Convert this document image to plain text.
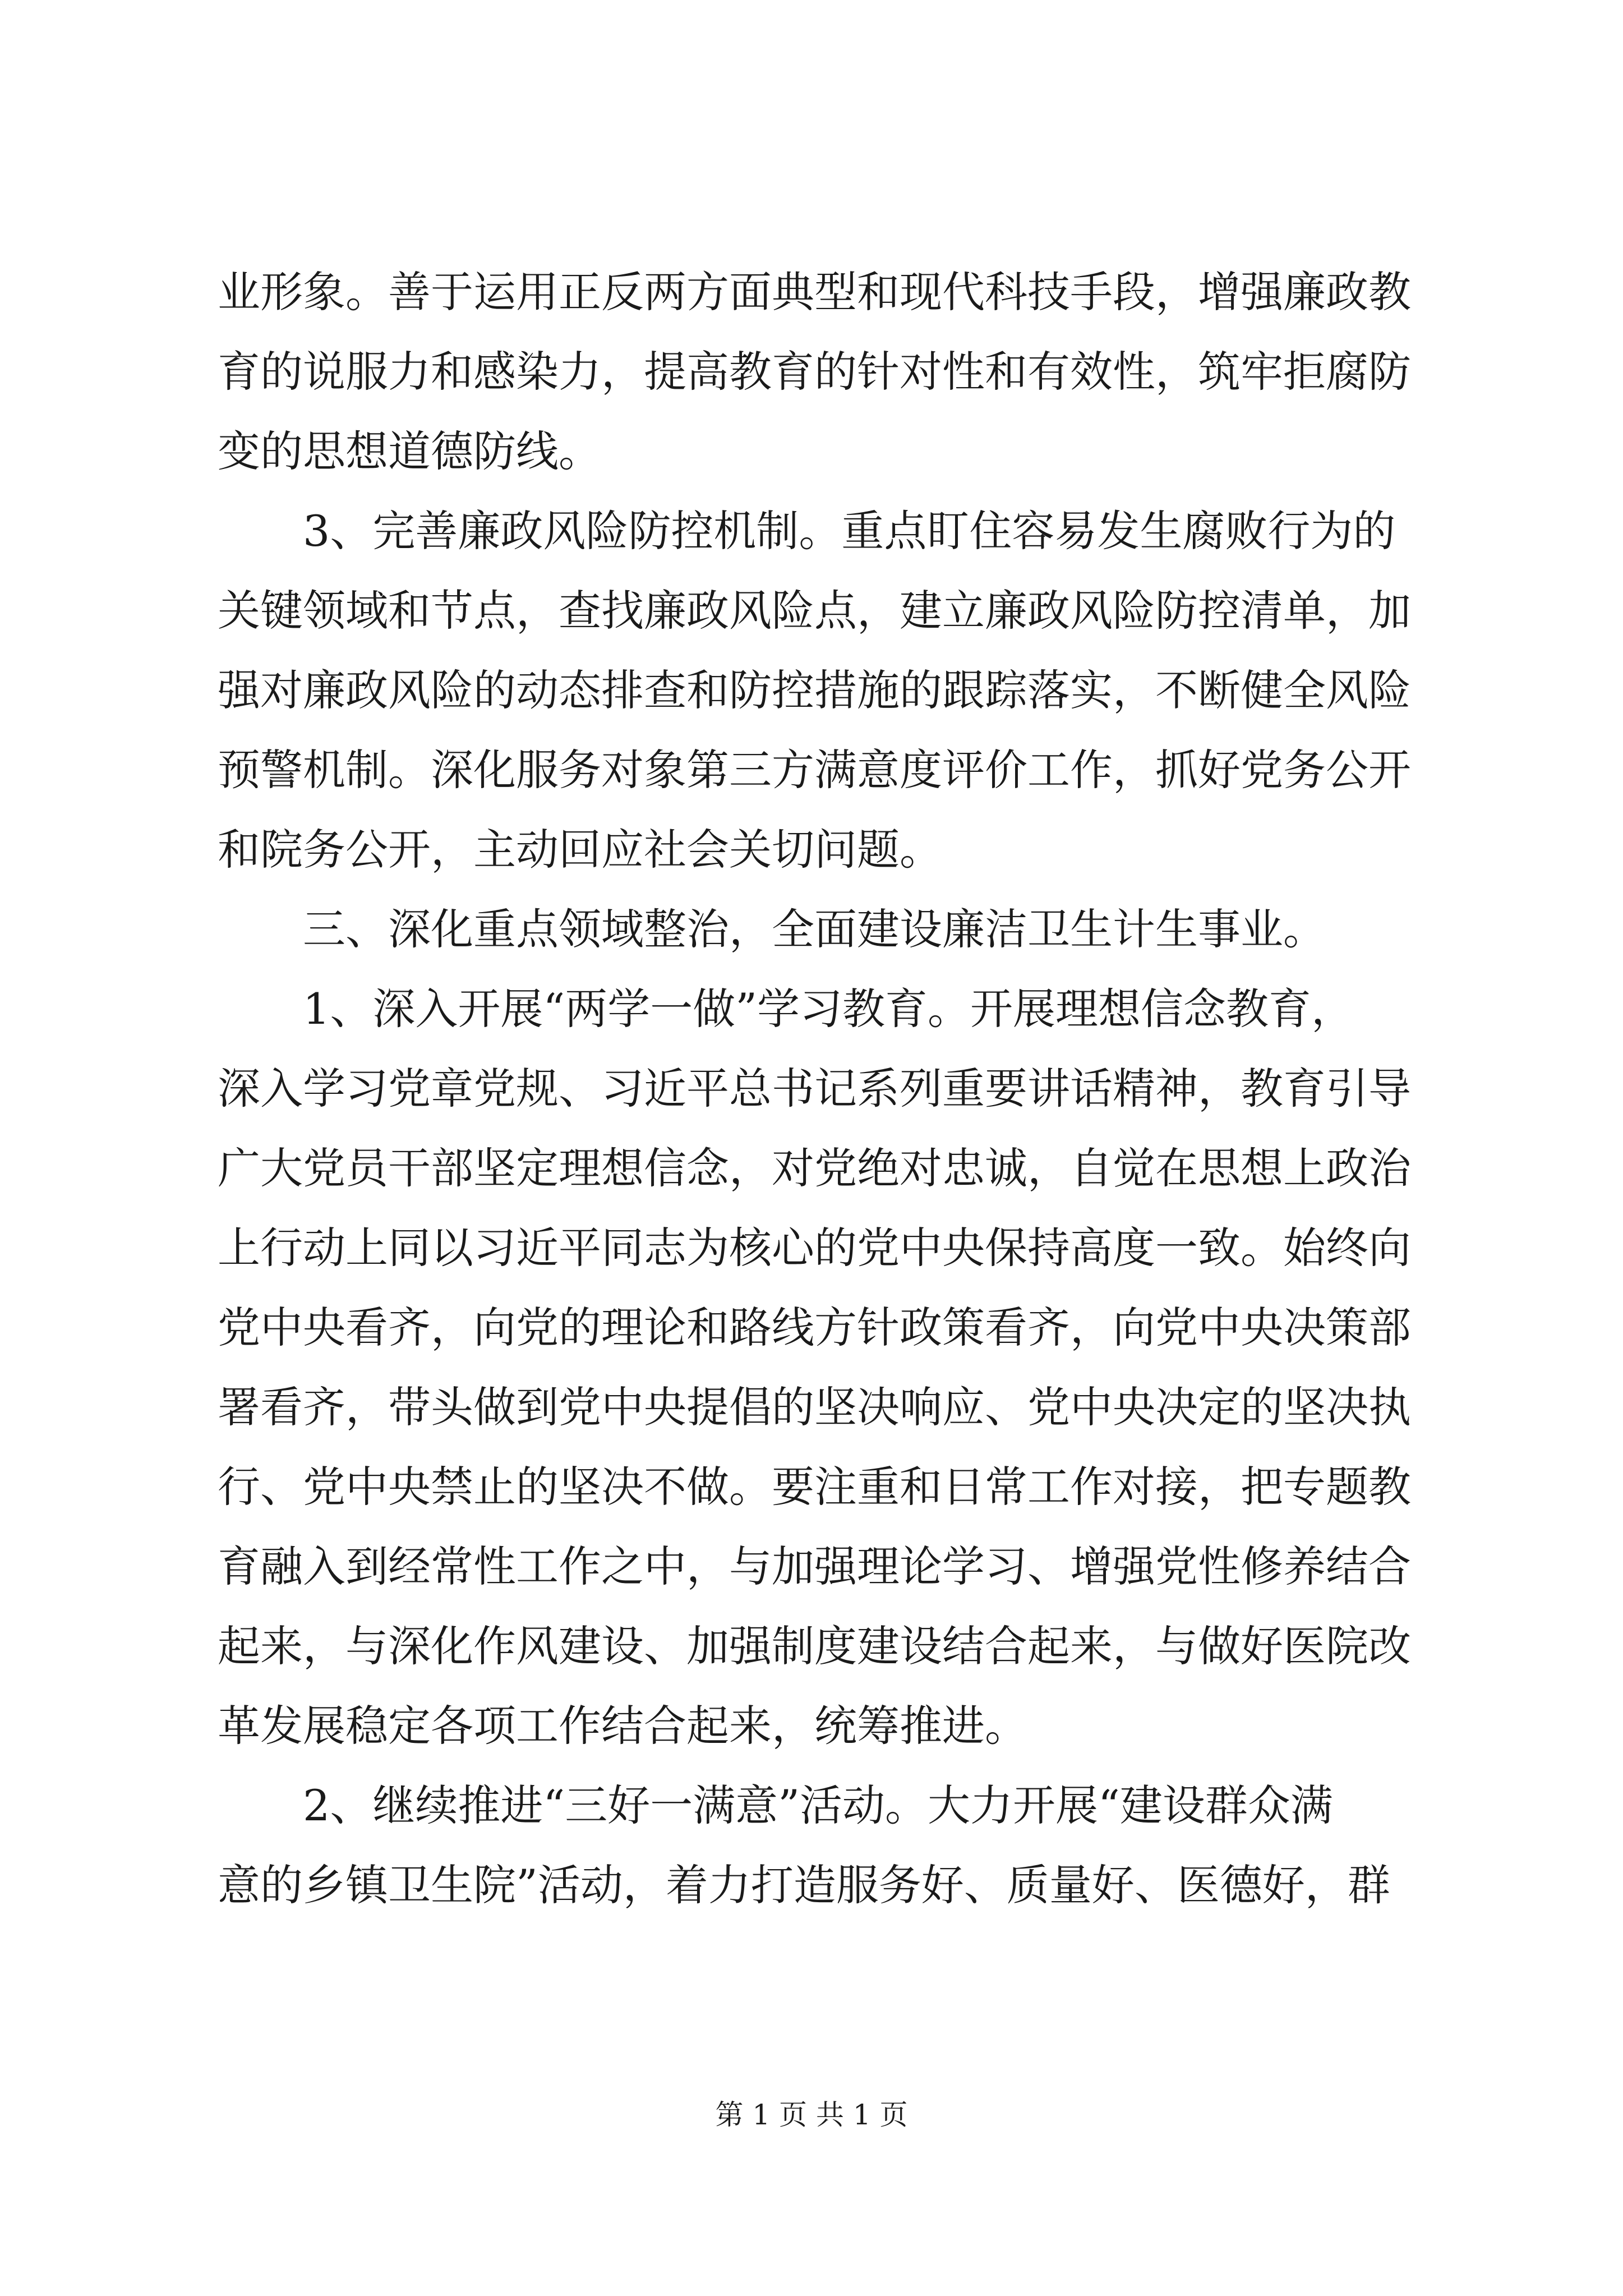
业形象。善于运用正反两方面典型和现代科技手段，增强廉政教
育的说服力和感染力，提高教育的针对性和有效性，筑牢拒腐防
变的思想道德防线。
3、完善廉政风险防控机制。重点盯住容易发生腐败行为的
关键领域和节点，查找廉政风险点，建立廉政风险防控清单，加
强对廉政风险的动态排查和防控措施的跟踪落实，不断健全风险
预警机制。深化服务对象第三方满意度评价工作，抓好党务公开
和院务公开，主动回应社会关切问题。
三、深化重点领域整治，全面建设廉洁卫生计生事业。
1、深入开展“两学一做”学习教育。开展理想信念教育，
深入学习党章党规、习近平总书记系列重要讲话精神，教育引导
广大党员干部坚定理想信念，对党绝对忠诚，自觉在思想上政治
上行动上同以习近平同志为核心的党中央保持高度一致。始终向
党中央看齐，向党的理论和路线方针政策看齐，向党中央决策部
署看齐，带头做到党中央提倡的坚决响应、党中央决定的坚决执
行、党中央禁止的坚决不做。要注重和日常工作对接，把专题教
育融入到经常性工作之中，与加强理论学习、增强党性修养结合
起来，与深化作风建设、加强制度建设结合起来，与做好医院改
革发展稳定各项工作结合起来，统筹推进。
2、继续推进“三好一满意”活动。大力开展“建设群众满
意的乡镇卫生院”活动，着力打造服务好、质量好、医德好，群
第 1 页 共 1 页
